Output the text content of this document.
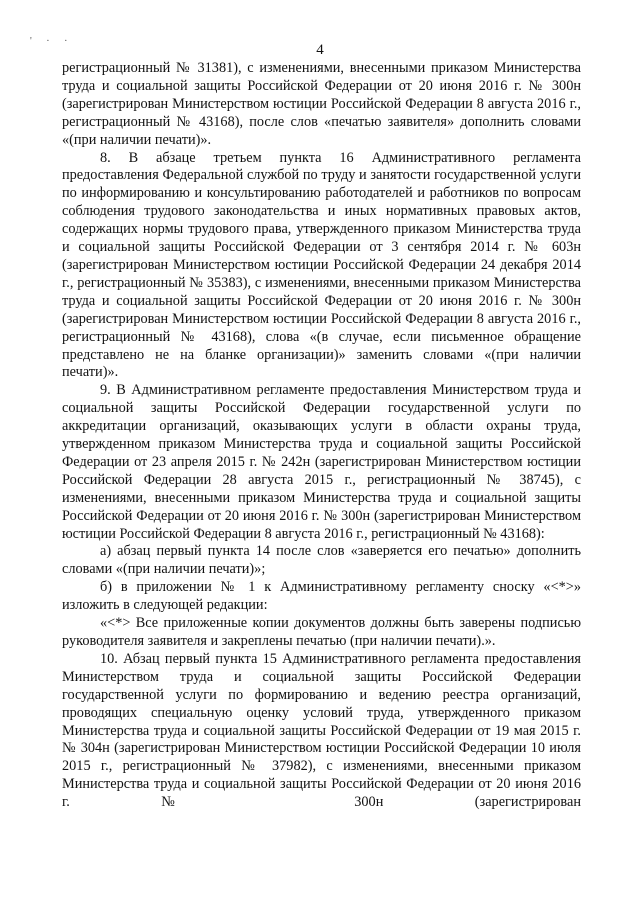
' · ·
4

регистрационный № 31381), с изменениями, внесенными приказом Министерства труда и социальной защиты Российской Федерации от 20 июня 2016 г. № 300н (зарегистрирован Министерством юстиции Российской Федерации 8 августа 2016 г., регистрационный № 43168), после слов «печатью заявителя» дополнить словами «(при наличии печати)».

8. В абзаце третьем пункта 16 Административного регламента предоставления Федеральной службой по труду и занятости государственной услуги по информированию и консультированию работодателей и работников по вопросам соблюдения трудового законодательства и иных нормативных правовых актов, содержащих нормы трудового права, утвержденного приказом Министерства труда и социальной защиты Российской Федерации от 3 сентября 2014 г. № 603н (зарегистрирован Министерством юстиции Российской Федерации 24 декабря 2014 г., регистрационный № 35383), с изменениями, внесенными приказом Министерства труда и социальной защиты Российской Федерации от 20 июня 2016 г. № 300н (зарегистрирован Министерством юстиции Российской Федерации 8 августа 2016 г., регистрационный № 43168), слова «(в случае, если письменное обращение представлено не на бланке организации)» заменить словами «(при наличии печати)».

9. В Административном регламенте предоставления Министерством труда и социальной защиты Российской Федерации государственной услуги по аккредитации организаций, оказывающих услуги в области охраны труда, утвержденном приказом Министерства труда и социальной защиты Российской Федерации от 23 апреля 2015 г. № 242н (зарегистрирован Министерством юстиции Российской Федерации 28 августа 2015 г., регистрационный № 38745), с изменениями, внесенными приказом Министерства труда и социальной защиты Российской Федерации от 20 июня 2016 г. № 300н (зарегистрирован Министерством юстиции Российской Федерации 8 августа 2016 г., регистрационный № 43168):

а) абзац первый пункта 14 после слов «заверяется его печатью» дополнить словами «(при наличии печати)»;

б) в приложении № 1 к Административному регламенту сноску «<*>» изложить в следующей редакции:

«<*> Все приложенные копии документов должны быть заверены подписью руководителя заявителя и закреплены печатью (при наличии печати).».

10. Абзац первый пункта 15 Административного регламента предоставления Министерством труда и социальной защиты Российской Федерации государственной услуги по формированию и ведению реестра организаций, проводящих специальную оценку условий труда, утвержденного приказом Министерства труда и социальной защиты Российской Федерации от 19 мая 2015 г. № 304н (зарегистрирован Министерством юстиции Российской Федерации 10 июля 2015 г., регистрационный № 37982), с изменениями, внесенными приказом Министерства труда и социальной защиты Российской Федерации от 20 июня 2016 г. № 300н (зарегистрирован
